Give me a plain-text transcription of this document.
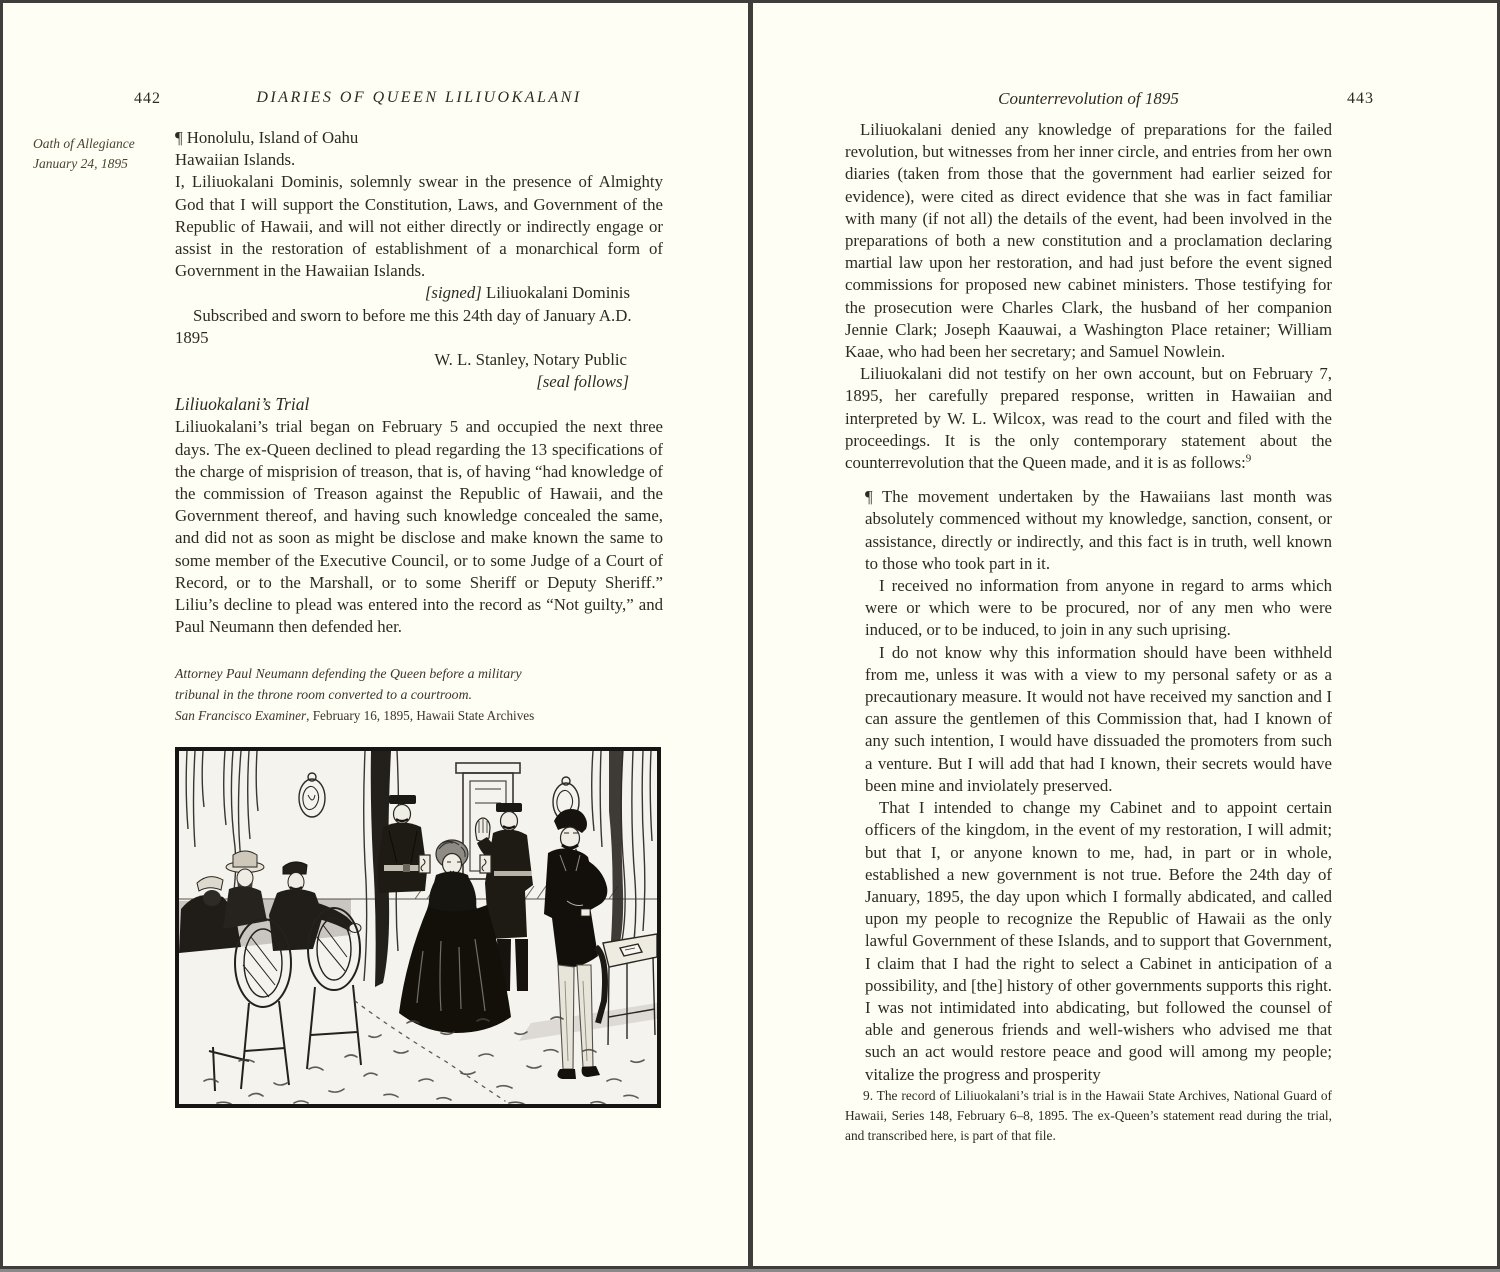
442	DIARIES OF QUEEN LILIUOKALANI
Oath of Allegiance
January 24, 1895

¶ Honolulu, Island of Oahu

Hawaiian Islands.

I, Liliuokalani Dominis, solemnly swear in the presence of Almighty God that I will support the Constitution, Laws, and Government of the Republic of Hawaii, and will not either directly or indirectly engage or assist in the restoration of establishment of a monarchical form of Government in the Hawaiian Islands.

[signed] Liliuokalani Dominis

Subscribed and sworn to before me this 24th day of January A.D. 1895

W. L. Stanley, Notary Public

[seal follows]

Liliuokalani’s Trial

Liliuokalani’s trial began on February 5 and occupied the next three days. The ex-Queen declined to plead regarding the 13 specifications of the charge of misprision of treason, that is, of having “had knowledge of the commission of Treason against the Republic of Hawaii, and the Government thereof, and having such knowledge concealed the same, and did not as soon as might be disclose and make known the same to some member of the Executive Council, or to some Judge of a Court of Record, or to the Marshall, or to some Sheriff or Deputy Sheriff.” Liliu’s decline to plead was entered into the record as “Not guilty,” and Paul Neumann then defended her.

Attorney Paul Neumann defending the Queen before a military
tribunal in the throne room converted to a courtroom.
San Francisco Examiner, February 16, 1895, Hawaii State Archives
443
Counterrevolution of 1895

Liliuokalani denied any knowledge of preparations for the failed revolution, but witnesses from her inner circle, and entries from her own diaries (taken from those that the government had earlier seized for evidence), were cited as direct evidence that she was in fact familiar with many (if not all) the details of the event, had been involved in the preparations of both a new constitution and a proclamation declaring martial law upon her restoration, and had just before the event signed commissions for proposed new cabinet ministers. Those testifying for the prosecution were Charles Clark, the husband of her companion Jennie Clark; Joseph Kaauwai, a Washington Place retainer; William Kaae, who had been her secretary; and Samuel Nowlein.

Liliuokalani did not testify on her own account, but on February 7, 1895, her carefully prepared response, written in Hawaiian and interpreted by W. L. Wilcox, was read to the court and filed with the proceedings. It is the only contemporary statement about the counterrevolution that the Queen made, and it is as follows:$^9$

¶ The movement undertaken by the Hawaiians last month was absolutely commenced without my knowledge, sanction, consent, or assistance, directly or indirectly, and this fact is in truth, well known to those who took part in it.

I received no information from anyone in regard to arms which were or which were to be procured, nor of any men who were induced, or to be induced, to join in any such uprising.

I do not know why this information should have been withheld from me, unless it was with a view to my personal safety or as a precautionary measure. It would not have received my sanction and I can assure the gentlemen of this Commission that, had I known of any such intention, I would have dissuaded the promoters from such a venture. But I will add that had I known, their secrets would have been mine and inviolately preserved.

That I intended to change my Cabinet and to appoint certain officers of the kingdom, in the event of my restoration, I will admit; but that I, or anyone known to me, had, in part or in whole, established a new government is not true. Before the 24th day of January, 1895, the day upon which I formally abdicated, and called upon my people to recognize the Republic of Hawaii as the only lawful Government of these Islands, and to support that Government, I claim that I had the right to select a Cabinet in anticipation of a possibility, and [the] history of other governments supports this right. I was not intimidated into abdicating, but followed the counsel of able and generous friends and well-wishers who advised me that such an act would restore peace and good will among my people; vitalize the progress and prosperity

9. The record of Liliuokalani’s trial is in the Hawaii State Archives, National Guard of Hawaii, Series 148, February 6–8, 1895. The ex-Queen’s statement read during the trial, and transcribed here, is part of that file.
